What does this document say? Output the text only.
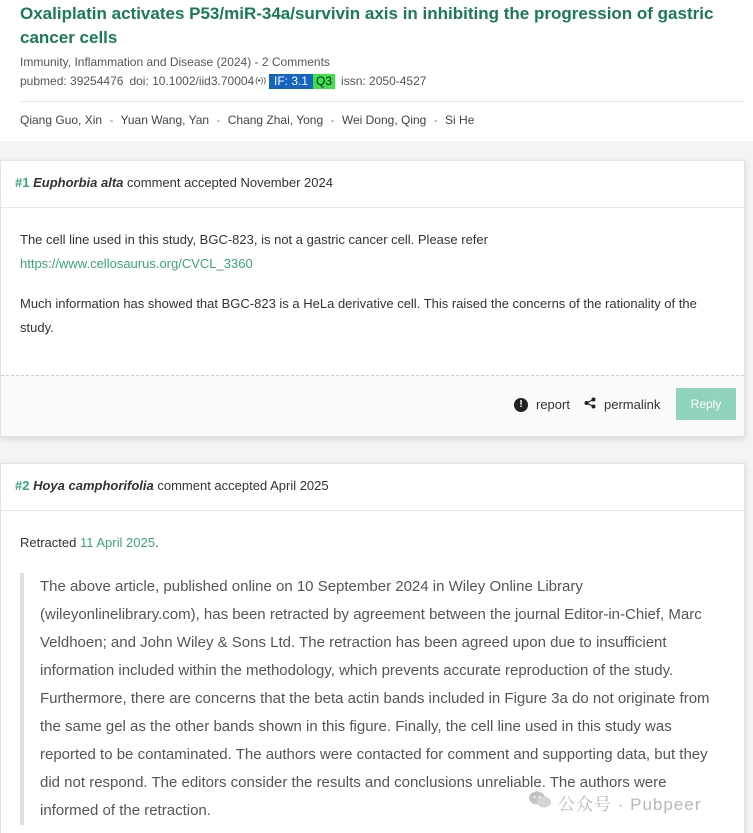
Oxaliplatin activates P53/miR‐34a/survivin axis in inhibiting the progression of gastric cancer cells
Immunity, Inflammation and Disease (2024) - 2 Comments
pubmed: 39254476 doi: 10.1002/iid3.70004 (•)) IF: 3.1 Q3 issn: 2050-4527
Qiang Guo, Xin - Yuan Wang, Yan - Chang Zhai, Yong - Wei Dong, Qing - Si He
#1 Euphorbia alta comment accepted November 2024

The cell line used in this study, BGC-823, is not a gastric cancer cell. Please refer

https://www.cellosaurus.org/CVCL_3360

Much information has showed that BGC-823 is a HeLa derivative cell. This raised the concerns of the rationality of the study.

!	report	permalink	Reply
#2 Hoya camphorifolia comment accepted April 2025

Retracted 11 April 2025.

The above article, published online on 10 September 2024 in Wiley Online Library (wileyonlinelibrary.com), has been retracted by agreement between the journal Editor-in-Chief, Marc Veldhoen; and John Wiley & Sons Ltd. The retraction has been agreed upon due to insufficient information included within the methodology, which prevents accurate reproduction of the study. Furthermore, there are concerns that the beta actin bands included in Figure 3a do not originate from the same gel as the other bands shown in this figure. Finally, the cell line used in this study was reported to be contaminated. The authors were contacted for comment and supporting data, but they did not respond. The editors consider the results and conclusions unreliable. The authors were informed of the retraction.	公众号 · Pubpeer
